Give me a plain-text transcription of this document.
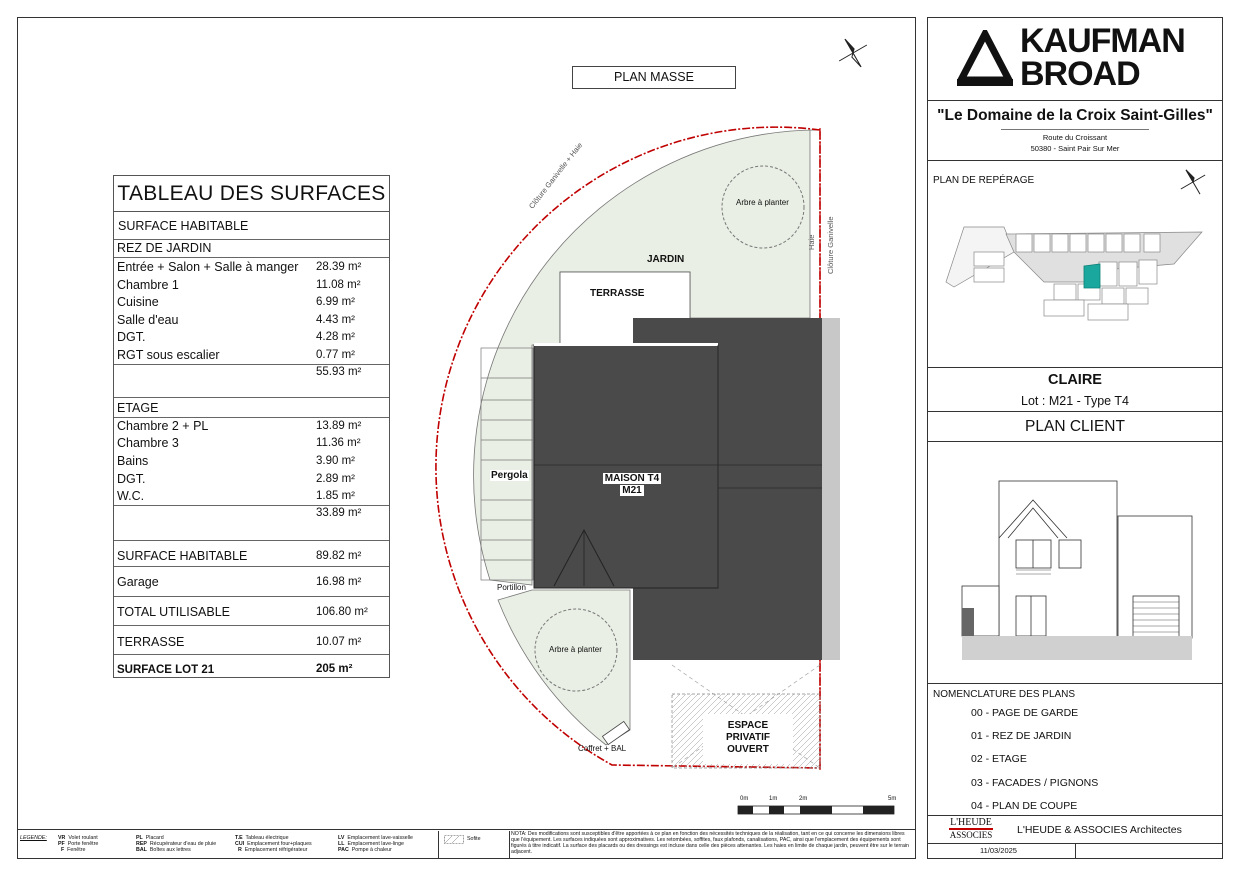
PLAN MASSE
JARDIN
TERRASSE
Pergola	MAISON T4
M21
Portillon
Arbre à planter
Arbre à planter
Clôture Ganivelle + Haie
Clôture Ganivelle
Haie
Coffret + BAL
ESPACE
PRIVATIF
OUVERT
0m	1m	2m	5m
TABLEAU DES SURFACES
SURFACE HABITABLE
REZ DE JARDIN
Entrée + Salon + Salle à manger 28.39 m²
Chambre 1	11.08 m²
Cuisine	6.99 m²
Salle d'eau	4.43 m²
DGT.	4.28 m²
RGT sous escalier	0.77 m²
55.93 m²
ETAGE
Chambre 2 + PL	13.89 m²
Chambre 3	11.36 m²
Bains	3.90 m²
DGT.	2.89 m²
W.C.	1.85 m²
33.89 m²
SURFACE HABITABLE	89.82 m²
Garage	16.98 m²
TOTAL UTILISABLE	106.80 m²
TERRASSE	10.07 m²
SURFACE LOT 21	205 m²
LEGENDE: VR Volet roulant
PF Porte fenêtre
F Fenêtre
PL Placard
REP Récupérateur d'eau de pluie
BAL Boîtes aux lettres
T.E Tableau électrique
CUI Emplacement four+plaques
R Emplacement réfrigérateur
LV Emplacement lave-vaisselle
LL Emplacement lave-linge
PAC Pompe à chaleur
Sofite
NOTA: Des modifications sont susceptibles d'être apportées à ce plan en fonction des nécessités techniques de la réalisation, tant en ce qui concerne les dimensions libres que l'équipement. Les surfaces indiquées sont approximatives. Les retombées, soffites, faux plafonds, canalisations, PAC, ainsi que l'emplacement des équipements sont figurés à titre indicatif. La surface des placards ou des dressings est incluse dans celle des pièces attenantes. Les haies en limite de chaque jardin, peuvent être sur le terrain adjacent.
KAUFMAN
BROAD
"Le Domaine de la Croix Saint-Gilles"
Route du Croissant
50380 - Saint Pair Sur Mer
PLAN DE REPÉRAGE
CLAIRE
Lot : M21 - Type T4
PLAN CLIENT
NOMENCLATURE DES PLANS
00 - PAGE DE GARDE
01 - REZ DE JARDIN
02 - ETAGE
03 - FACADES / PIGNONS
04 - PLAN DE COUPE
L'HEUDE
ASSOCIES	L'HEUDE & ASSOCIES Architectes
11/03/2025
